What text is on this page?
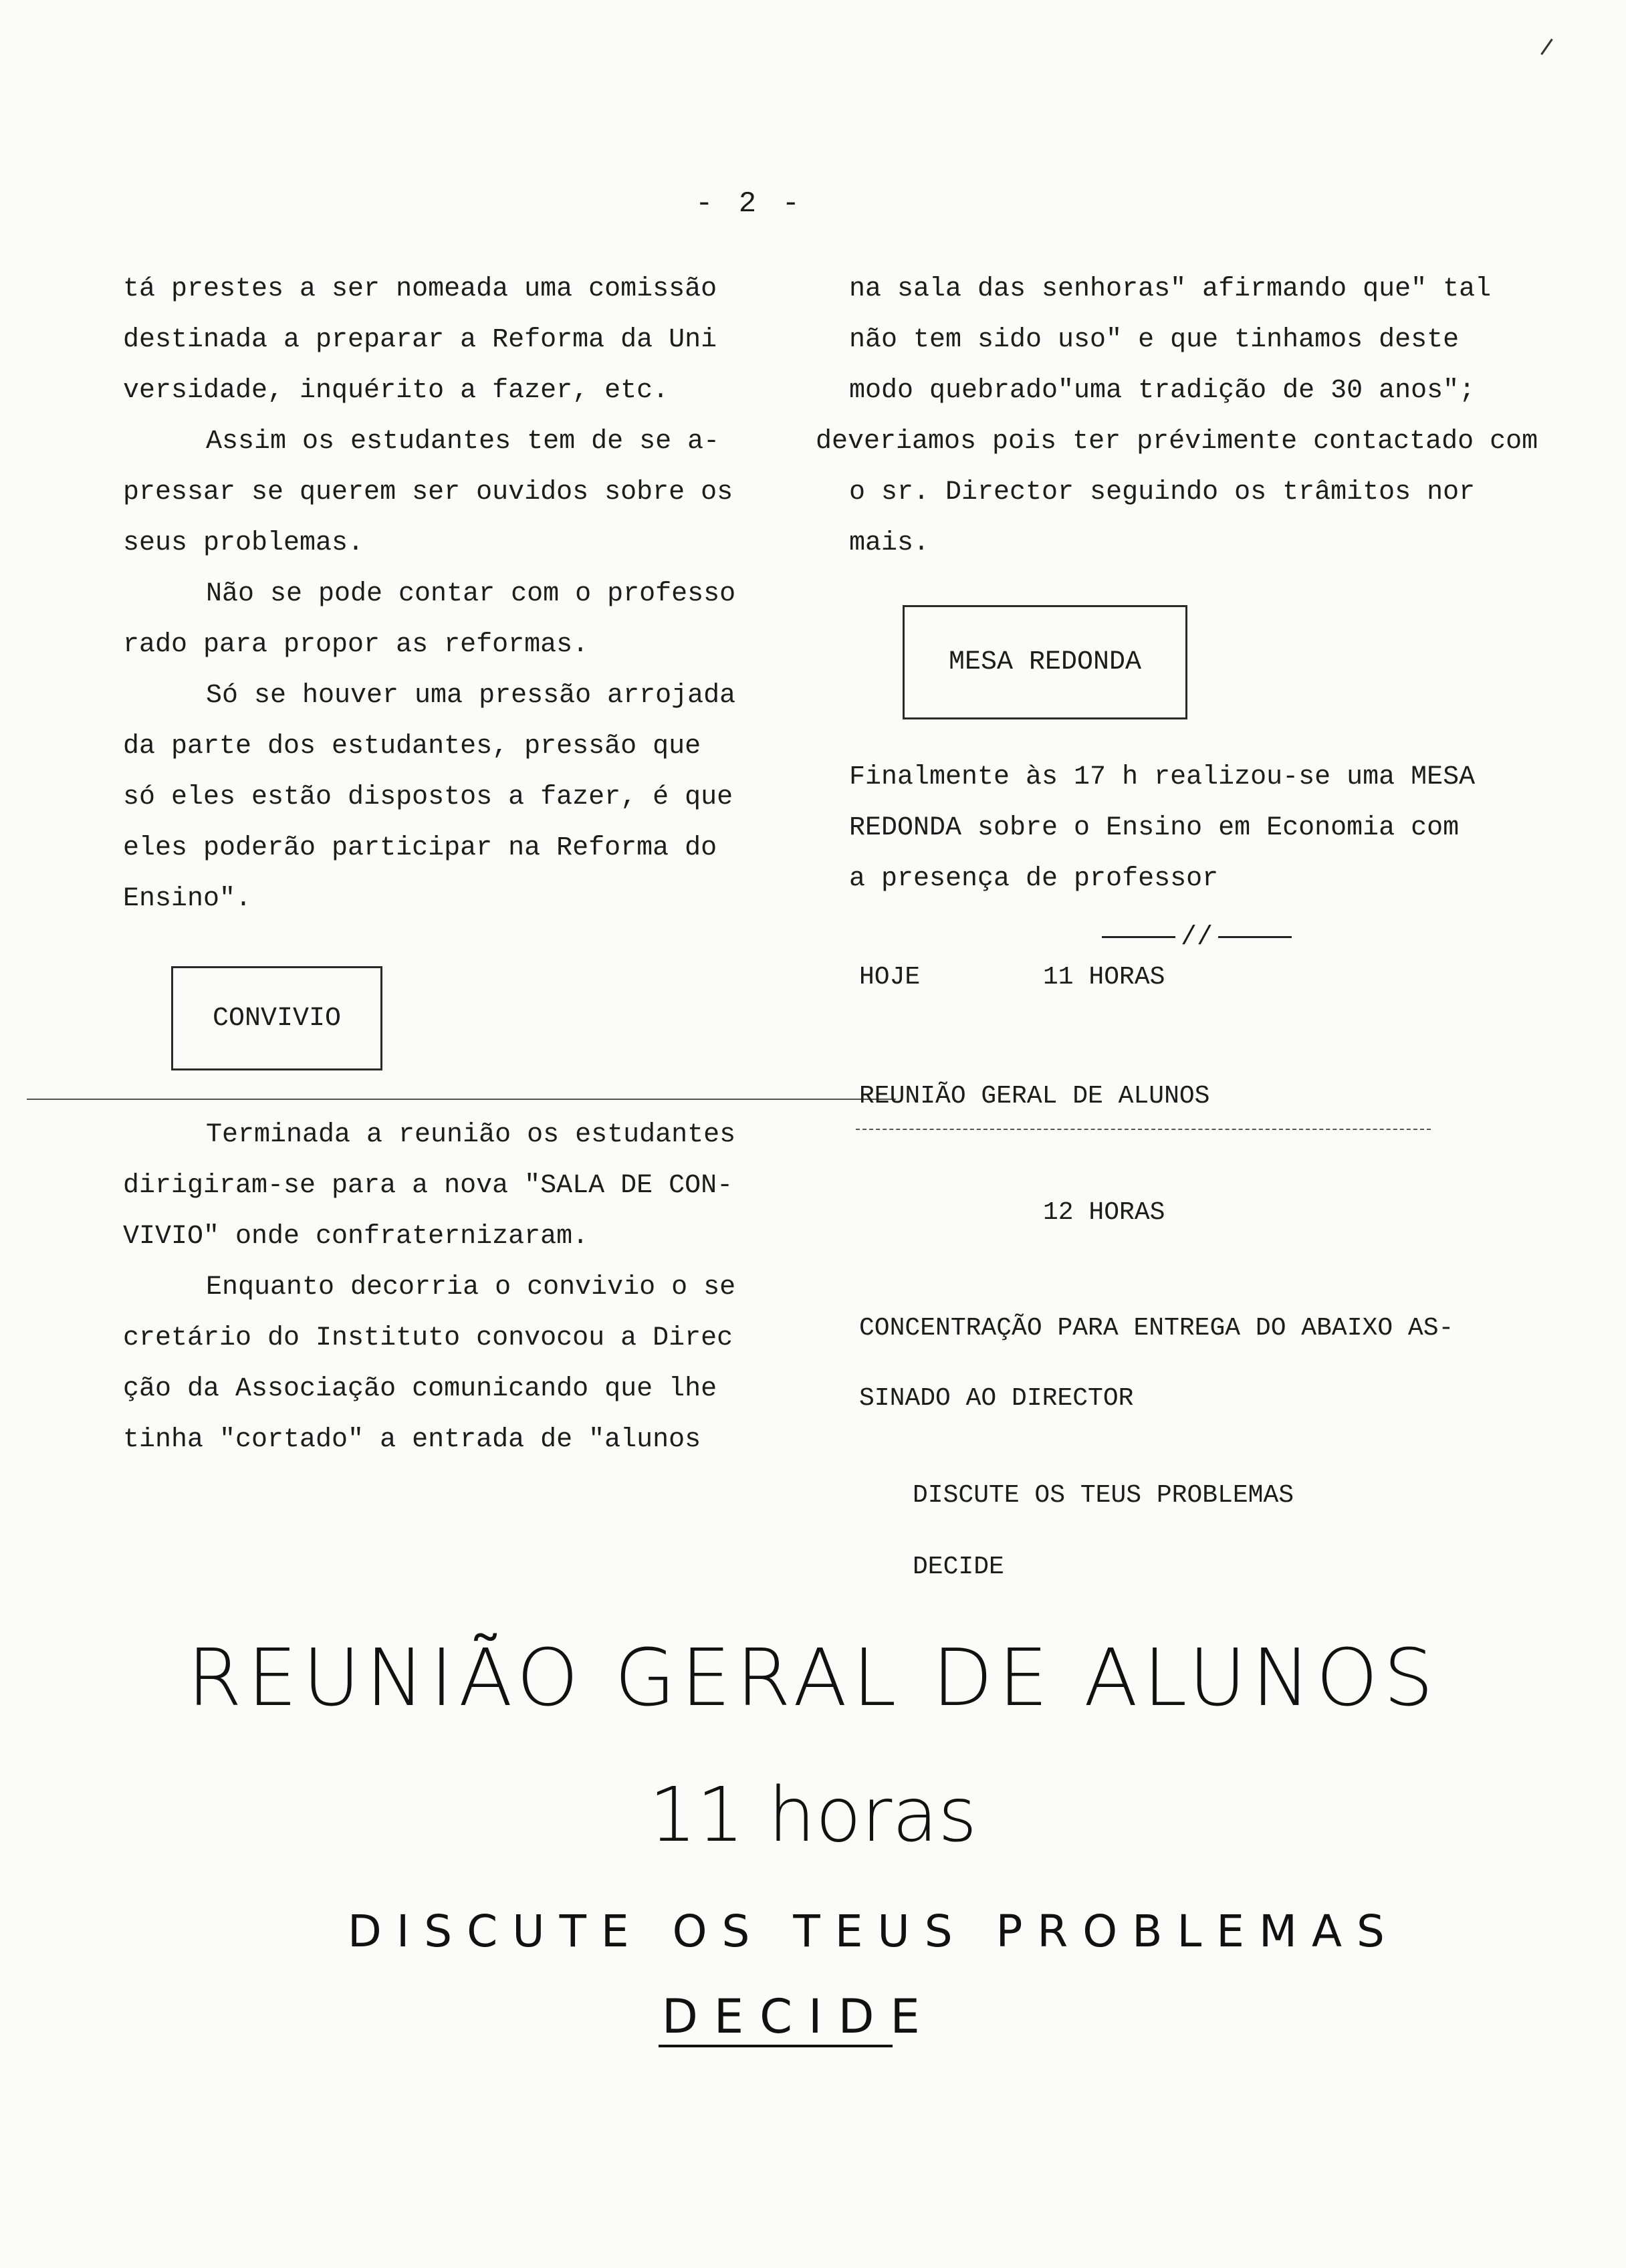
- 2 -

tá prestes a ser nomeada uma comissão

destinada a preparar a Reforma da Uni

versidade, inquérito a fazer, etc.

Assim os estudantes tem de se a-

pressar se querem ser ouvidos sobre os

seus problemas.

Não se pode contar com o professo

rado para propor as reformas.

Só se houver uma pressão arrojada

da parte dos estudantes, pressão que

só eles estão dispostos a fazer, é que

eles poderão participar na Reforma do

Ensino".

CONVIVIO

Terminada a reunião os estudantes

dirigiram-se para a nova "SALA DE CON-

VIVIO" onde confraternizaram.

Enquanto decorria o convivio o se

cretário do Instituto convocou a Direc

ção da Associação comunicando que lhe

tinha "cortado" a entrada de "alunos

na sala das senhoras" afirmando que" tal

não tem sido uso" e que tinhamos deste

modo quebrado"uma tradição de 30 anos";

deveriamos pois ter prévimente contactado com

o sr. Director seguindo os trâmitos nor

mais.

MESA REDONDA

Finalmente às 17 h realizou-se uma MESA

REDONDA sobre o Ensino em Economia com

a presença de professor

//
HOJE	11 HORAS
REUNIÃO GERAL DE ALUNOS
12 HORAS
CONCENTRAÇÃO PARA ENTREGA DO ABAIXO AS-
SINADO AO DIRECTOR
DISCUTE OS TEUS PROBLEMAS
DECIDE
REUNIÃO GERAL DE ALUNOS
11 horas
DISCUTE OS TEUS PROBLEMAS
DECIDE
